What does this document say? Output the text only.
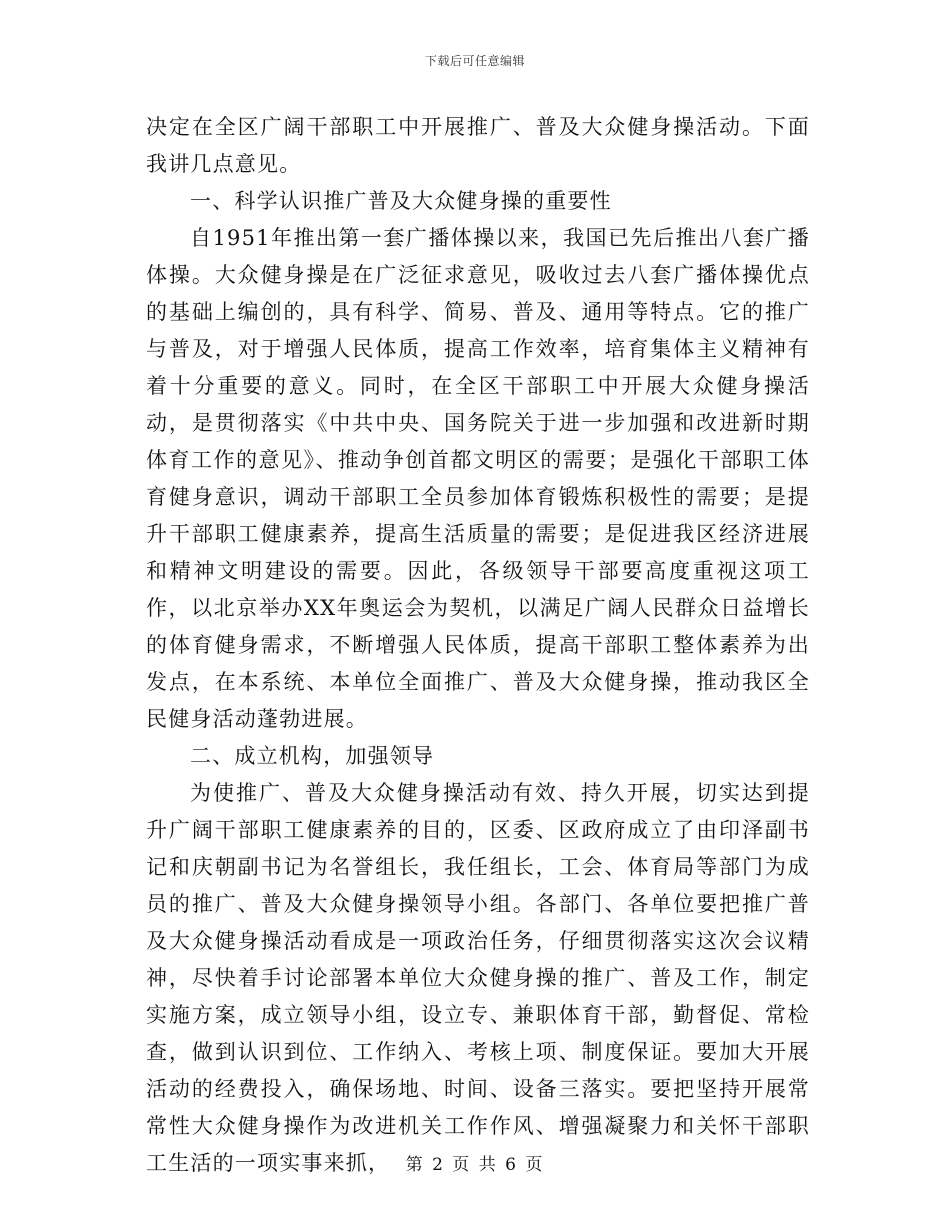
下载后可任意编辑

决定在全区广阔干部职工中开展推广、普及大众健身操活动。下面我讲几点意见。

一、科学认识推广普及大众健身操的重要性

自1951年推出第一套广播体操以来，我国已先后推出八套广播体操。大众健身操是在广泛征求意见，吸收过去八套广播体操优点的基础上编创的，具有科学、简易、普及、通用等特点。它的推广与普及，对于增强人民体质，提高工作效率，培育集体主义精神有着十分重要的意义。同时，在全区干部职工中开展大众健身操活动，是贯彻落实《中共中央、国务院关于进一步加强和改进新时期体育工作的意见》、推动争创首都文明区的需要；是强化干部职工体育健身意识，调动干部职工全员参加体育锻炼积极性的需要；是提升干部职工健康素养，提高生活质量的需要；是促进我区经济进展和精神文明建设的需要。因此，各级领导干部要高度重视这项工作，以北京举办XX年奥运会为契机，以满足广阔人民群众日益增长的体育健身需求，不断增强人民体质，提高干部职工整体素养为出发点，在本系统、本单位全面推广、普及大众健身操，推动我区全民健身活动蓬勃进展。

二、成立机构，加强领导

为使推广、普及大众健身操活动有效、持久开展，切实达到提升广阔干部职工健康素养的目的，区委、区政府成立了由印泽副书记和庆朝副书记为名誉组长，我任组长，工会、体育局等部门为成员的推广、普及大众健身操领导小组。各部门、各单位要把推广普及大众健身操活动看成是一项政治任务，仔细贯彻落实这次会议精神，尽快着手讨论部署本单位大众健身操的推广、普及工作，制定实施方案，成立领导小组，设立专、兼职体育干部，勤督促、常检查，做到认识到位、工作纳入、考核上项、制度保证。要加大开展活动的经费投入，确保场地、时间、设备三落实。要把坚持开展常常性大众健身操作为改进机关工作作风、增强凝聚力和关怀干部职工生活的一项实事来抓， 第 2 页 共 6 页
